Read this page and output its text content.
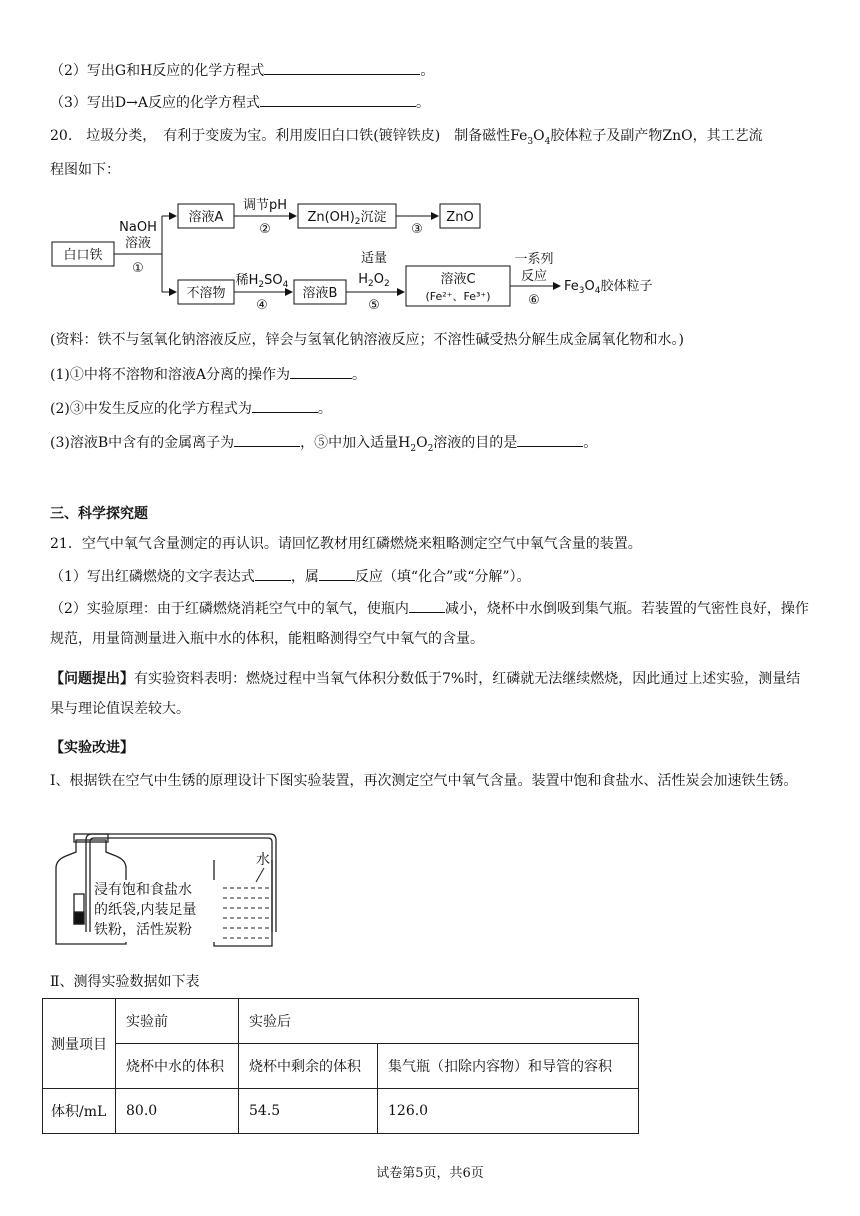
（2）写出G和H反应的化学方程式	。
（3）写出D→A反应的化学方程式	。
20.　垃圾分类，　有利于变废为宝。利用废旧白口铁(镀锌铁皮)　制备磁性$Fe_3O_4$胶体粒子及副产物ZnO，其工艺流
程图如下：
白口铁
NaOH
溶液
①
溶液A
调节pH
②
$Zn(OH)_2$沉淀
③
ZnO
不溶物
稀$H_2SO_4$
④
溶液B
适量
$H_2O_2$
⑤
溶液C
(Fe²⁺、Fe³⁺)
一系列
反应
⑥
$Fe_3O_4$胶体粒子
(资料：铁不与氢氧化钠溶液反应，锌会与氢氧化钠溶液反应；不溶性碱受热分解生成金属氧化物和水。)
(1)①中将不溶物和溶液A分离的操作为	。
(2)③中发生反应的化学方程式为	。
(3)溶液B中含有的金属离子为	，⑤中加入适量$H_2O_2$溶液的目的是	。
三、科学探究题
21．空气中氧气含量测定的再认识。请回忆教材用红磷燃烧来粗略测定空气中氧气含量的装置。
（1）写出红磷燃烧的文字表达式	，属	反应（填“化合”或“分解”）。
（2）实验原理：由于红磷燃烧消耗空气中的氧气，使瓶内	减小，烧杯中水倒吸到集气瓶。若装置的气密性良好，操作规范，用量筒测量进入瓶中水的体积，能粗略测得空气中氧气的含量。
【问题提出】有实验资料表明：燃烧过程中当氧气体积分数低于7%时，红磷就无法继续燃烧，因此通过上述实验，测量结果与理论值误差较大。
【实验改进】
Ⅰ、根据铁在空气中生锈的原理设计下图实验装置，再次测定空气中氧气含量。装置中饱和食盐水、活性炭会加速铁生锈。
水
浸有饱和食盐水
的纸袋,内装足量
铁粉，活性炭粉
Ⅱ、测得实验数据如下表
测量项目	实验前	实验后	
	烧杯中水的体积	烧杯中剩余的体积	集气瓶（扣除内容物）和导管的容积
体积/mL	80.0	54.5	126.0
试卷第5页，共6页
